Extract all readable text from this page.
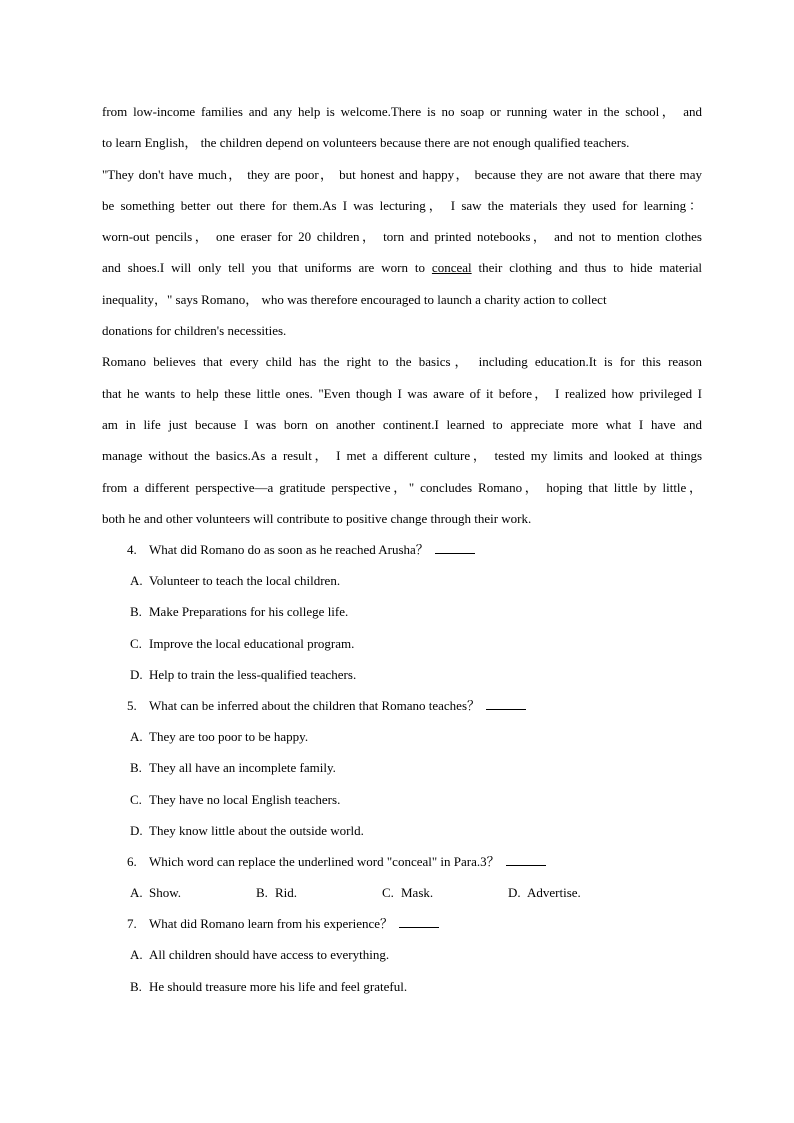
from low-income families and any help is welcome.There is no soap or running water in the school， and
to learn English， the children depend on volunteers because there are not enough qualified teachers.
"They don't have much， they are poor， but honest and happy， because they are not aware that there may
be something better out there for them.As I was lecturing， I saw the materials they used for learning：
worn-out pencils， one eraser for 20 children， torn and printed notebooks， and not to mention clothes
and shoes.I will only tell you that uniforms are worn to conceal their clothing and thus to hide material
inequality，" says Romano， who was therefore encouraged to launch a charity action to collect
donations for children's necessities.
Romano believes that every child has the right to the basics， including education.It is for this reason
that he wants to help these little ones. "Even though I was aware of it before， I realized how privileged I
am in life just because I was born on another continent.I learned to appreciate more what I have and
manage without the basics.As a result， I met a different culture， tested my limits and looked at things
from a different perspective—a gratitude perspective，" concludes Romano， hoping that little by little，
both he and other volunteers will contribute to positive change through their work.
4. What did Romano do as soon as he reached Arusha？
A. Volunteer to teach the local children.
B. Make Preparations for his college life.
C. Improve the local educational program.
D. Help to train the less-qualified teachers.
5. What can be inferred about the children that Romano teaches？
A. They are too poor to be happy.
B. They all have an incomplete family.
C. They have no local English teachers.
D. They know little about the outside world.
6. Which word can replace the underlined word "conceal" in Para.3？
A. Show.	B. Rid.	C. Mask.	D. Advertise.
7. What did Romano learn from his experience？
A. All children should have access to everything.
B. He should treasure more his life and feel grateful.
